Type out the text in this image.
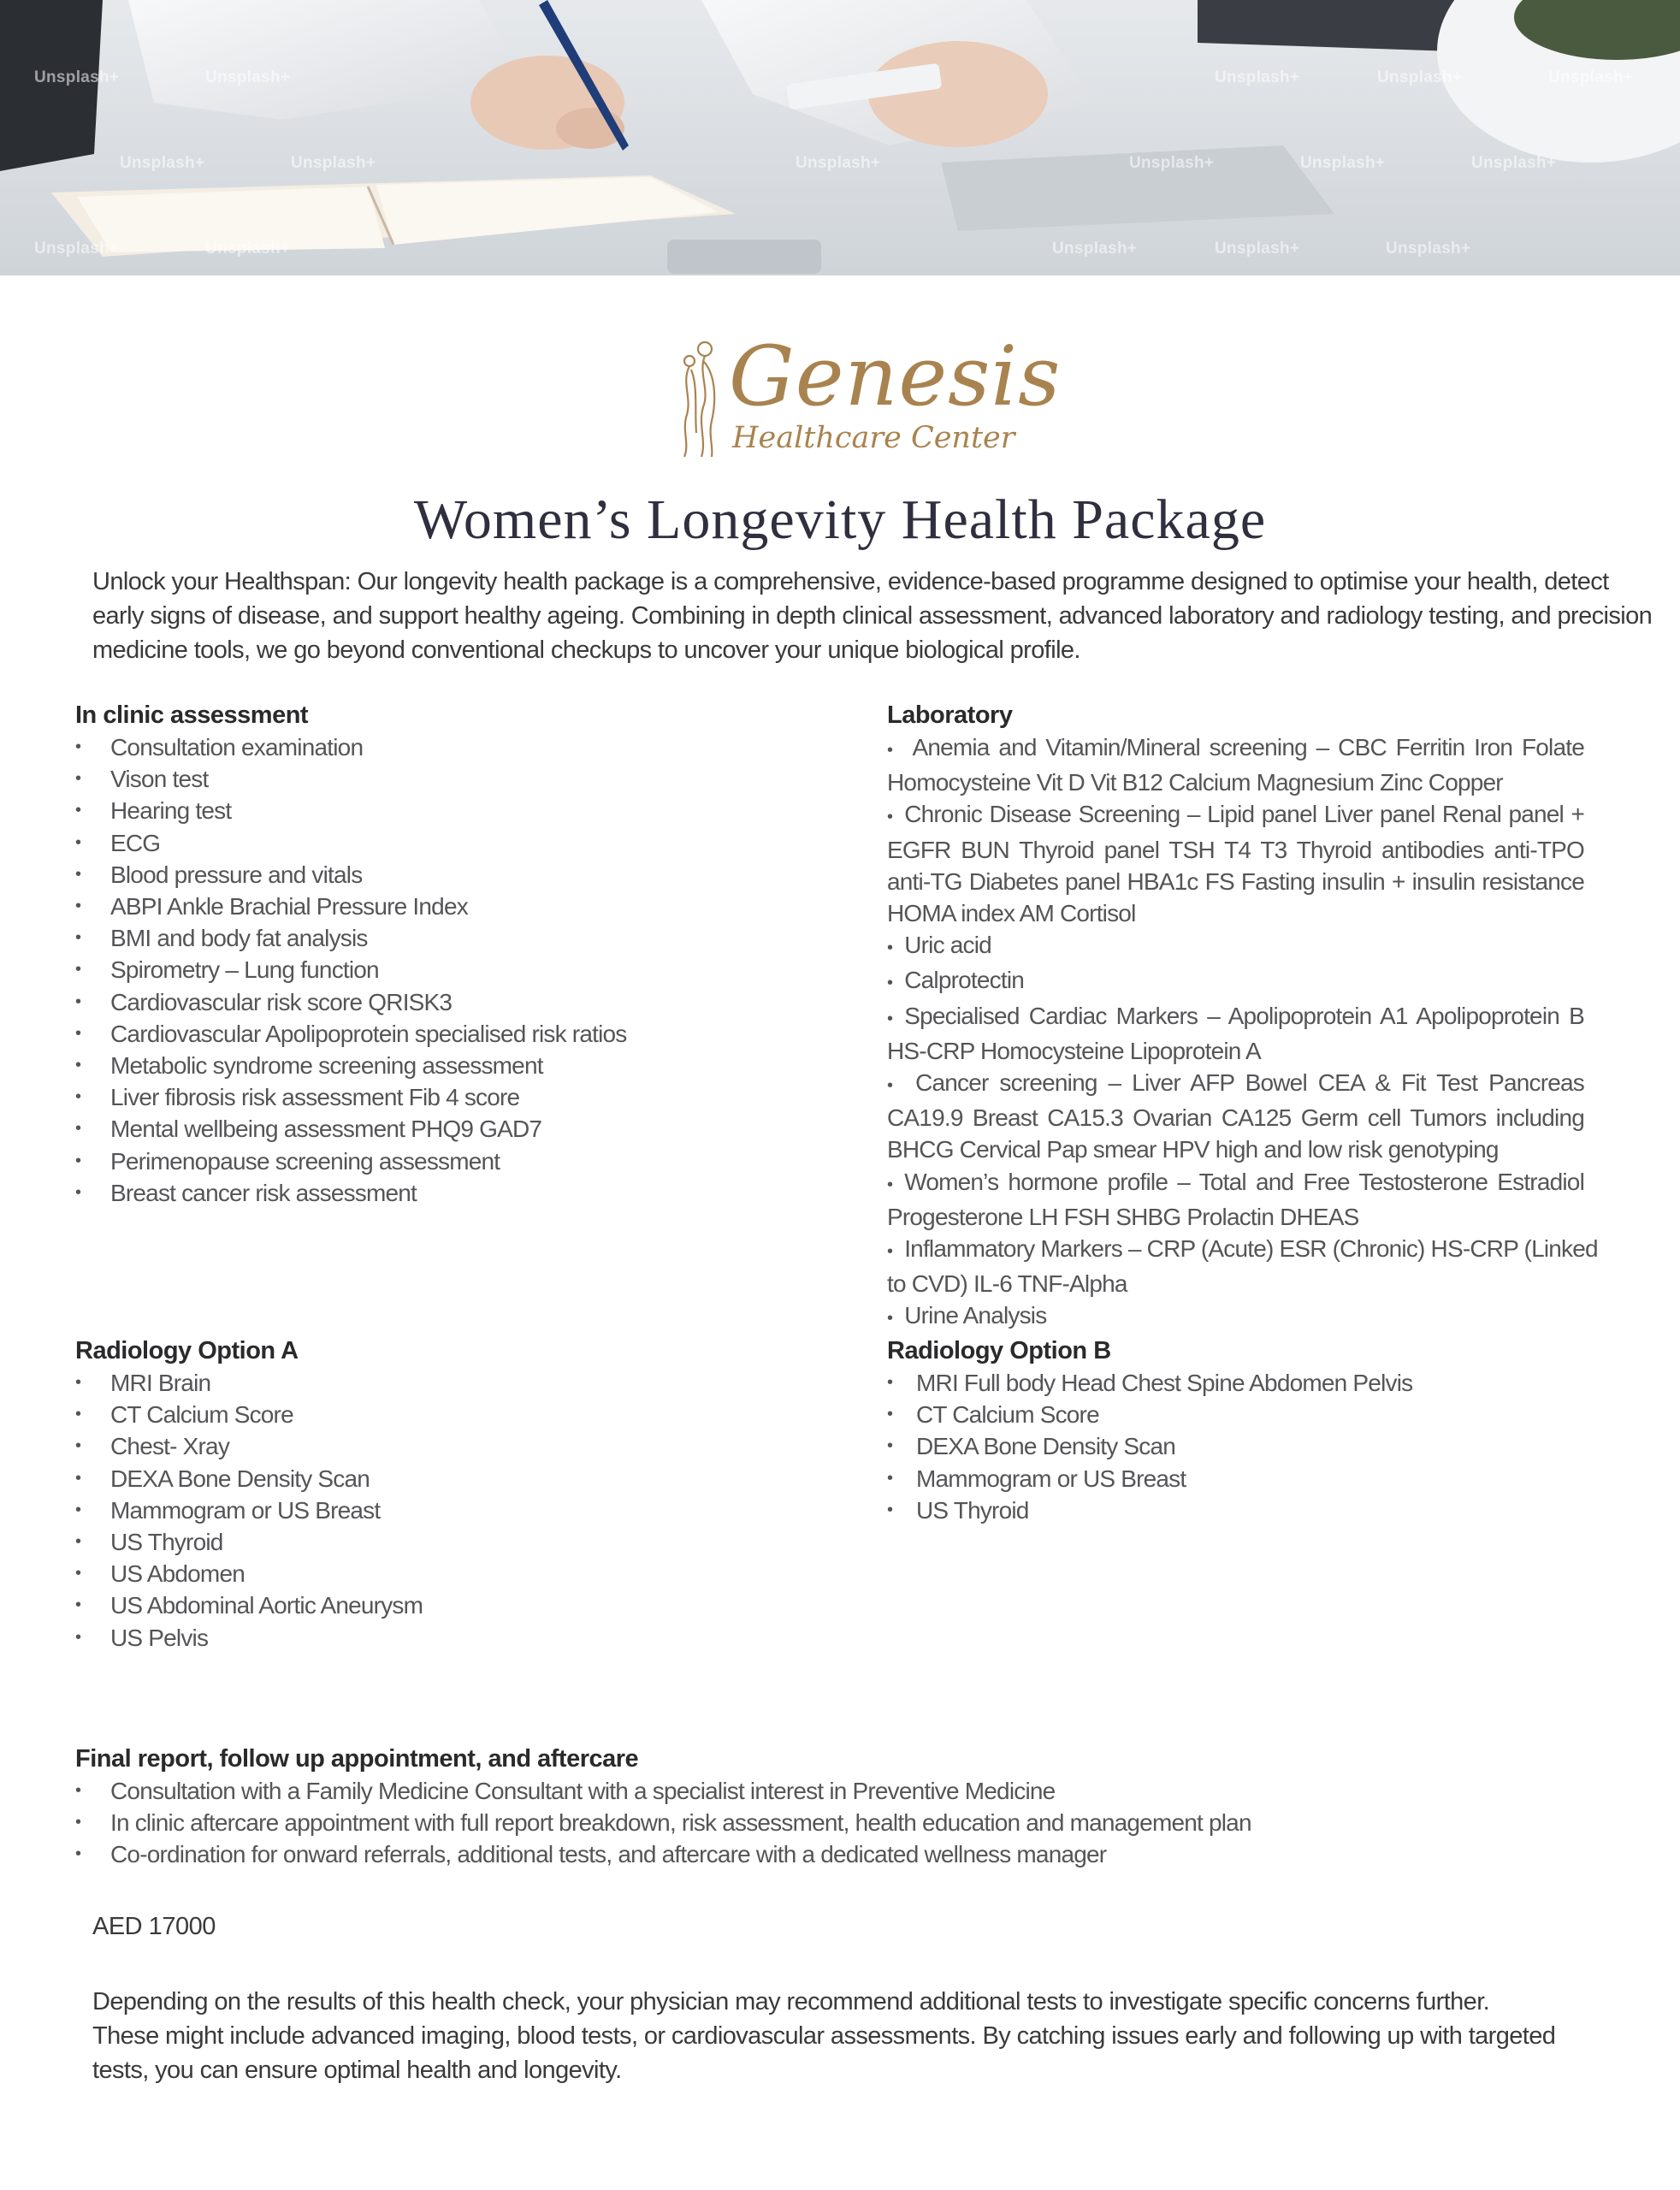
Unsplash+	Unsplash+	Unsplash+	Unsplash+	Unsplash+
Unsplash+	Unsplash+	Unsplash+	Unsplash+	Unsplash+	Unsplash+
Unsplash+	Unsplash+	Unsplash+	Unsplash+	Unsplash+
Genesis
Healthcare Center
Women’s Longevity Health Package
Unlock your Healthspan: Our longevity health package is a comprehensive, evidence-based programme designed to optimise your health, detect
early signs of disease, and support healthy ageing. Combining in depth clinical assessment, advanced laboratory and radiology testing, and precision
medicine tools, we go beyond conventional checkups to uncover your unique biological profile.
In clinic assessment
• Consultation examination
• Vison test
• Hearing test
• ECG
• Blood pressure and vitals
• ABPI Ankle Brachial Pressure Index
• BMI and body fat analysis
• Spirometry – Lung function
• Cardiovascular risk score QRISK3
• Cardiovascular Apolipoprotein specialised risk ratios
• Metabolic syndrome screening assessment
• Liver fibrosis risk assessment Fib 4 score
• Mental wellbeing assessment PHQ9 GAD7
• Perimenopause screening assessment
• Breast cancer risk assessment
Laboratory

• Anemia and Vitamin/Mineral screening – CBC Ferritin Iron Folate
Homocysteine Vit D Vit B12 Calcium Magnesium Zinc Copper
• Chronic Disease Screening – Lipid panel Liver panel Renal panel +
EGFR BUN Thyroid panel TSH T4 T3 Thyroid antibodies anti-TPO
anti-TG Diabetes panel HBA1c FS Fasting insulin + insulin resistance
HOMA index AM Cortisol
• Uric acid
• Calprotectin
• Specialised Cardiac Markers – Apolipoprotein A1 Apolipoprotein B
HS-CRP Homocysteine Lipoprotein A
• Cancer screening – Liver AFP Bowel CEA & Fit Test Pancreas
CA19.9 Breast CA15.3 Ovarian CA125 Germ cell Tumors including
BHCG Cervical Pap smear HPV high and low risk genotyping
• Women’s hormone profile – Total and Free Testosterone Estradiol
Progesterone LH FSH SHBG Prolactin DHEAS
• Inflammatory Markers – CRP (Acute) ESR (Chronic) HS-CRP (Linked
to CVD) IL-6 TNF-Alpha
• Urine Analysis

Radiology Option A
• MRI Brain
• CT Calcium Score
• Chest- Xray
• DEXA Bone Density Scan
• Mammogram or US Breast
• US Thyroid
• US Abdomen
• US Abdominal Aortic Aneurysm
• US Pelvis
Radiology Option B
• MRI Full body Head Chest Spine Abdomen Pelvis
• CT Calcium Score
• DEXA Bone Density Scan
• Mammogram or US Breast
• US Thyroid
Final report, follow up appointment, and aftercare
• Consultation with a Family Medicine Consultant with a specialist interest in Preventive Medicine
• In clinic aftercare appointment with full report breakdown, risk assessment, health education and management plan
• Co-ordination for onward referrals, additional tests, and aftercare with a dedicated wellness manager
AED 17000
Depending on the results of this health check, your physician may recommend additional tests to investigate specific concerns further.
These might include advanced imaging, blood tests, or cardiovascular assessments. By catching issues early and following up with targeted
tests, you can ensure optimal health and longevity.
